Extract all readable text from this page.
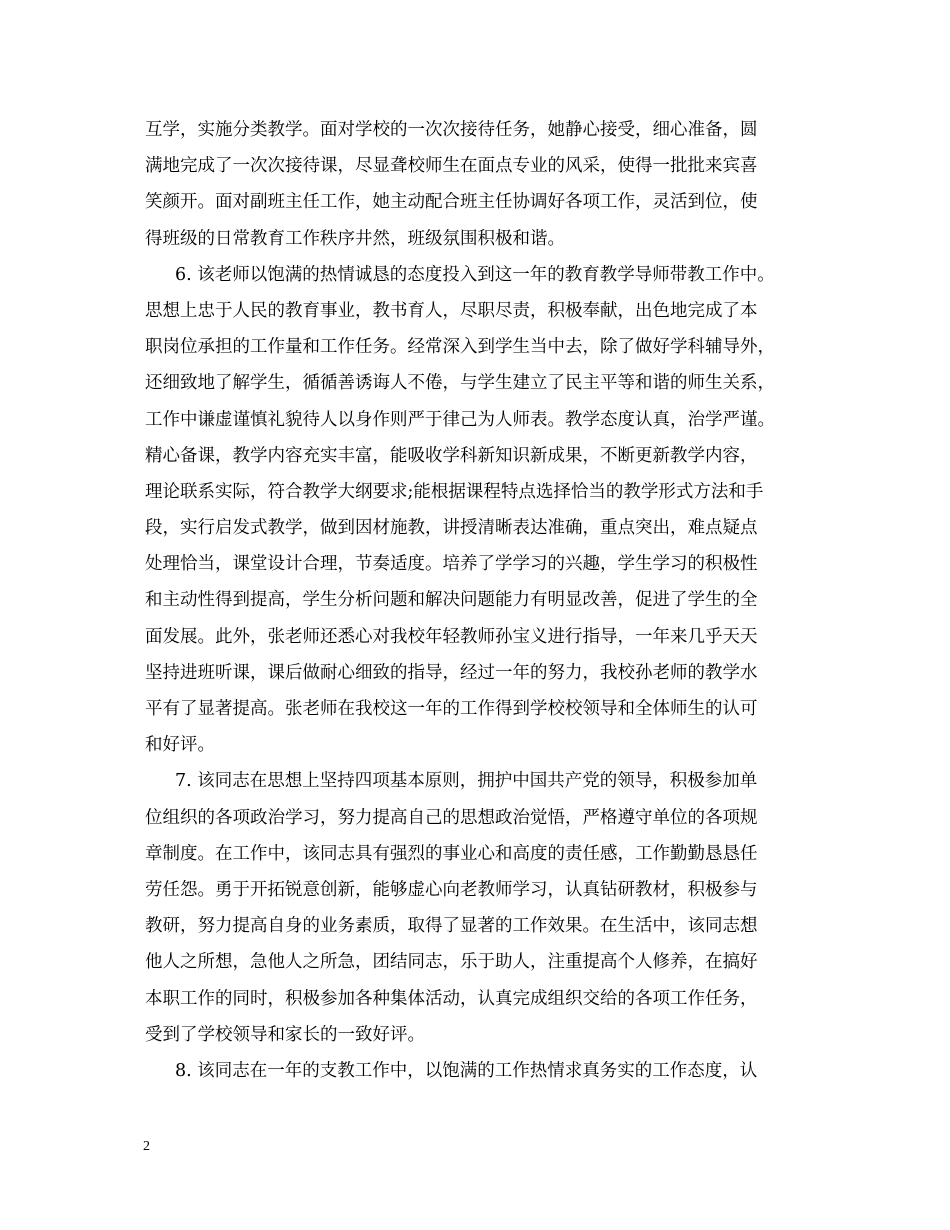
互学，实施分类教学。面对学校的一次次接待任务，她静心接受，细心准备，圆
满地完成了一次次接待课，尽显聋校师生在面点专业的风采，使得一批批来宾喜
笑颜开。面对副班主任工作，她主动配合班主任协调好各项工作，灵活到位，使
得班级的日常教育工作秩序井然，班级氛围积极和谐。
6. 该老师以饱满的热情诚恳的态度投入到这一年的教育教学导师带教工作中。
思想上忠于人民的教育事业，教书育人，尽职尽责，积极奉献，出色地完成了本
职岗位承担的工作量和工作任务。经常深入到学生当中去，除了做好学科辅导外，
还细致地了解学生，循循善诱诲人不倦，与学生建立了民主平等和谐的师生关系，
工作中谦虚谨慎礼貌待人以身作则严于律己为人师表。教学态度认真，治学严谨。
精心备课，教学内容充实丰富，能吸收学科新知识新成果，不断更新教学内容，
理论联系实际，符合教学大纲要求;能根据课程特点选择恰当的教学形式方法和手
段，实行启发式教学，做到因材施教，讲授清晰表达准确，重点突出，难点疑点
处理恰当，课堂设计合理，节奏适度。培养了学学习的兴趣，学生学习的积极性
和主动性得到提高，学生分析问题和解决问题能力有明显改善，促进了学生的全
面发展。此外，张老师还悉心对我校年轻教师孙宝义进行指导，一年来几乎天天
坚持进班听课，课后做耐心细致的指导，经过一年的努力，我校孙老师的教学水
平有了显著提高。张老师在我校这一年的工作得到学校校领导和全体师生的认可
和好评。
7. 该同志在思想上坚持四项基本原则，拥护中国共产党的领导，积极参加单
位组织的各项政治学习，努力提高自己的思想政治觉悟，严格遵守单位的各项规
章制度。在工作中，该同志具有强烈的事业心和高度的责任感，工作勤勤恳恳任
劳任怨。勇于开拓锐意创新，能够虚心向老教师学习，认真钻研教材，积极参与
教研，努力提高自身的业务素质，取得了显著的工作效果。在生活中，该同志想
他人之所想，急他人之所急，团结同志，乐于助人，注重提高个人修养，在搞好
本职工作的同时，积极参加各种集体活动，认真完成组织交给的各项工作任务，
受到了学校领导和家长的一致好评。
8. 该同志在一年的支教工作中，以饱满的工作热情求真务实的工作态度，认
2
